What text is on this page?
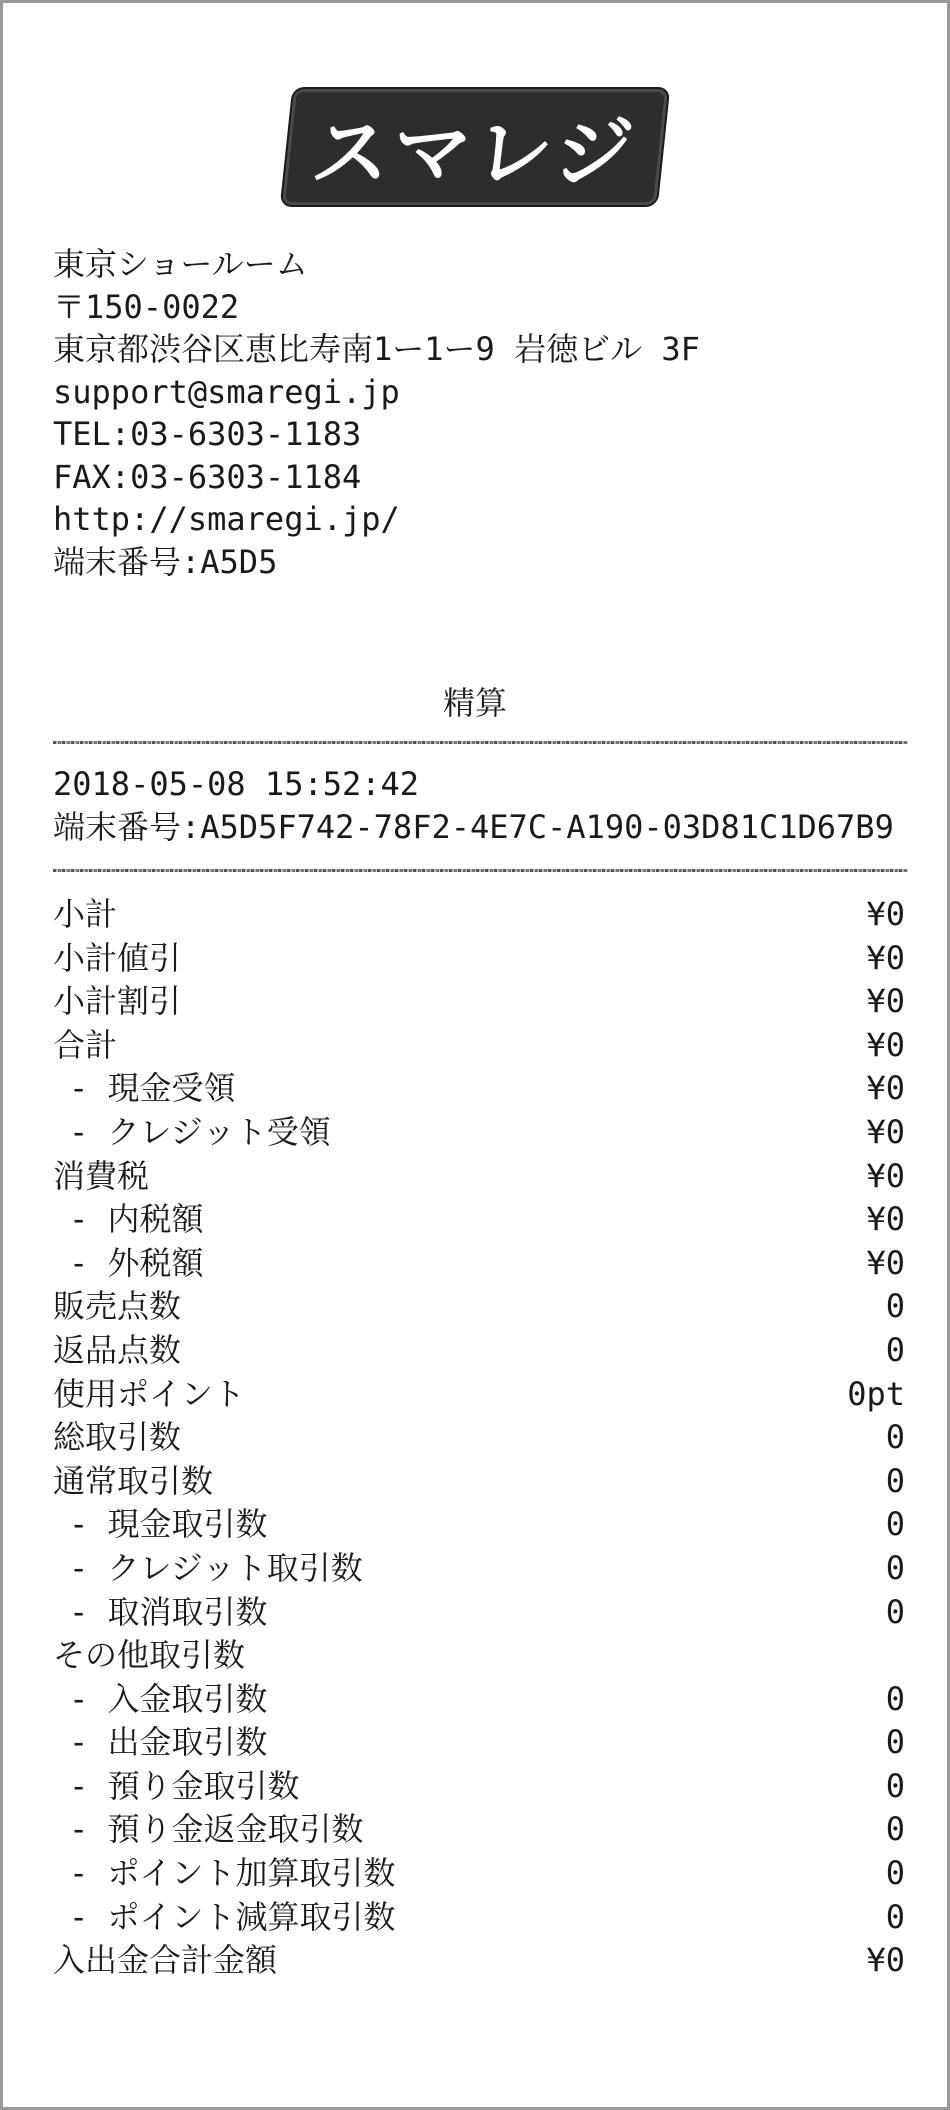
スマレジ
東京ショールーム
〒150-0022
東京都渋谷区恵比寿南1ー1ー9 岩徳ビル 3F
support@smaregi.jp
TEL:03-6303-1183
FAX:03-6303-1184
http://smaregi.jp/
端末番号:A5D5
精算
2018-05-08 15:52:42
端末番号:A5D5F742-78F2-4E7C-A190-03D81C1D67B9
小計	¥0
小計値引	¥0
小計割引	¥0
合計	¥0
- 現金受領	¥0
- クレジット受領	¥0
消費税	¥0
- 内税額	¥0
- 外税額	¥0
販売点数	0
返品点数	0
使用ポイント	0pt
総取引数	0
通常取引数	0
- 現金取引数	0
- クレジット取引数	0
- 取消取引数	0
その他取引数
- 入金取引数	0
- 出金取引数	0
- 預り金取引数	0
- 預り金返金取引数	0
- ポイント加算取引数	0
- ポイント減算取引数	0
入出金合計金額	¥0
